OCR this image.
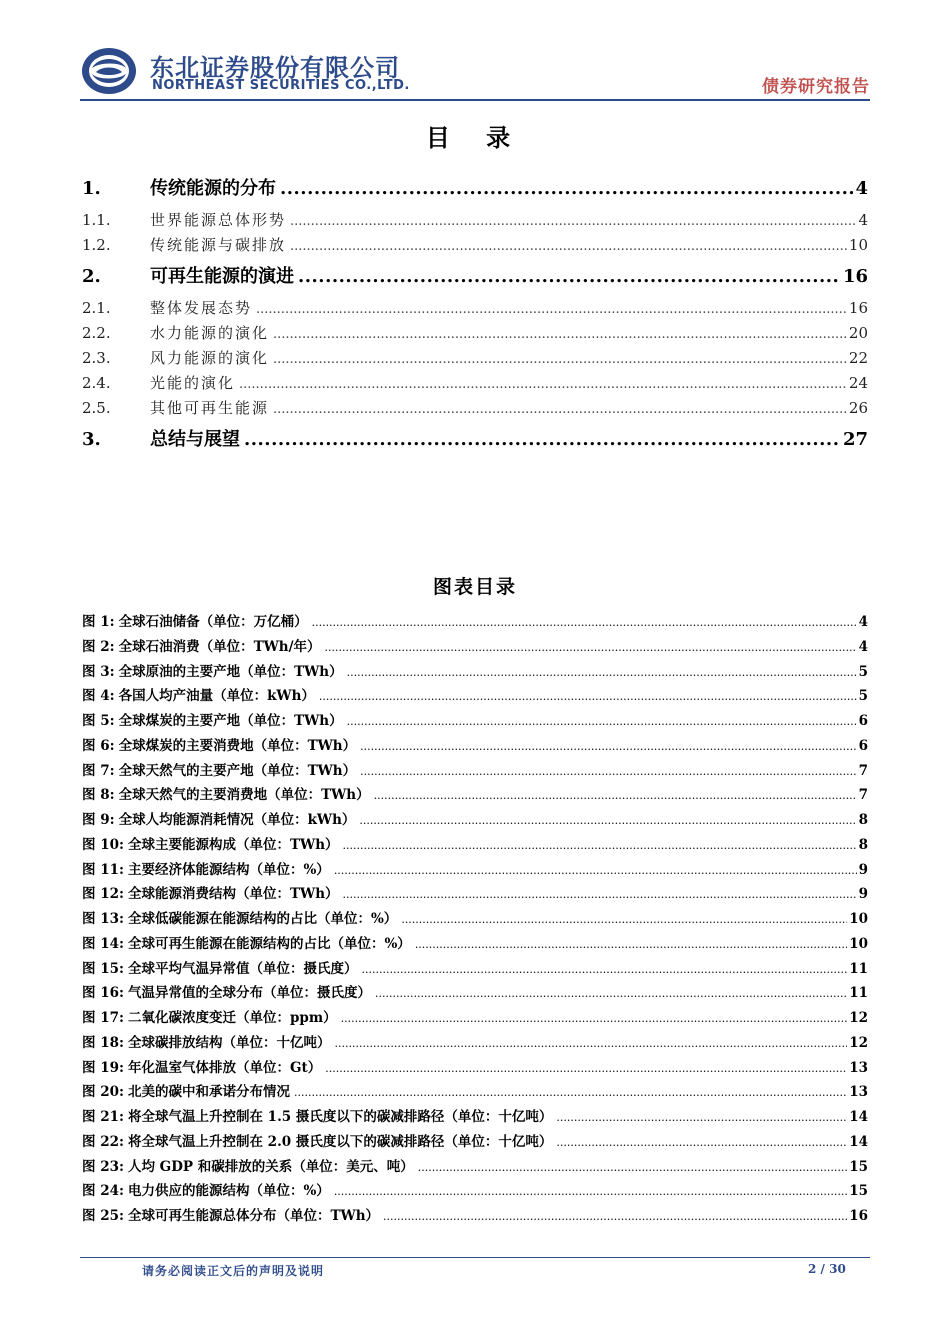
东北证券股份有限公司
NORTHEAST SECURITIES CO.,LTD.	债券研究报告
目 录
1.	传统能源的分布 .....	4
1.1.	世界能源总体形势 .....	4
1.2.	传统能源与碳排放 .....	10
2.	可再生能源的演进 .....	16
2.1.	整体发展态势 .....	16
2.2.	水力能源的演化 .....	20
2.3.	风力能源的演化 .....	22
2.4.	光能的演化 .....	24
2.5.	其他可再生能源 .....	26
3.	总结与展望 .....	27
图表目录
图 1: 全球石油储备（单位：万亿桶） .....	4
图 2: 全球石油消费（单位：TWh/年） .....	4
图 3: 全球原油的主要产地（单位：TWh） .....	5
图 4: 各国人均产油量（单位：kWh） .....	5
图 5: 全球煤炭的主要产地（单位：TWh） .....	6
图 6: 全球煤炭的主要消费地（单位：TWh） .....	6
图 7: 全球天然气的主要产地（单位：TWh） .....	7
图 8: 全球天然气的主要消费地（单位：TWh） .....	7
图 9: 全球人均能源消耗情况（单位：kWh） .....	8
图 10: 全球主要能源构成（单位：TWh） .....	8
图 11: 主要经济体能源结构（单位：%） .....	9
图 12: 全球能源消费结构（单位：TWh） .....	9
图 13: 全球低碳能源在能源结构的占比（单位：%） .....	10
图 14: 全球可再生能源在能源结构的占比（单位：%） .....	10
图 15: 全球平均气温异常值（单位：摄氏度） .....	11
图 16: 气温异常值的全球分布（单位：摄氏度） .....	11
图 17: 二氧化碳浓度变迁（单位：ppm） .....	12
图 18: 全球碳排放结构（单位：十亿吨） .....	12
图 19: 年化温室气体排放（单位：Gt） .....	13
图 20: 北美的碳中和承诺分布情况 .....	13
图 21: 将全球气温上升控制在 1.5 摄氏度以下的碳减排路径（单位：十亿吨） .....	14
图 22: 将全球气温上升控制在 2.0 摄氏度以下的碳减排路径（单位：十亿吨） .....	14
图 23: 人均 GDP 和碳排放的关系（单位：美元、吨） .....	15
图 24: 电力供应的能源结构（单位：%） .....	15
图 25: 全球可再生能源总体分布（单位：TWh） .....	16
请务必阅读正文后的声明及说明	2 / 30
